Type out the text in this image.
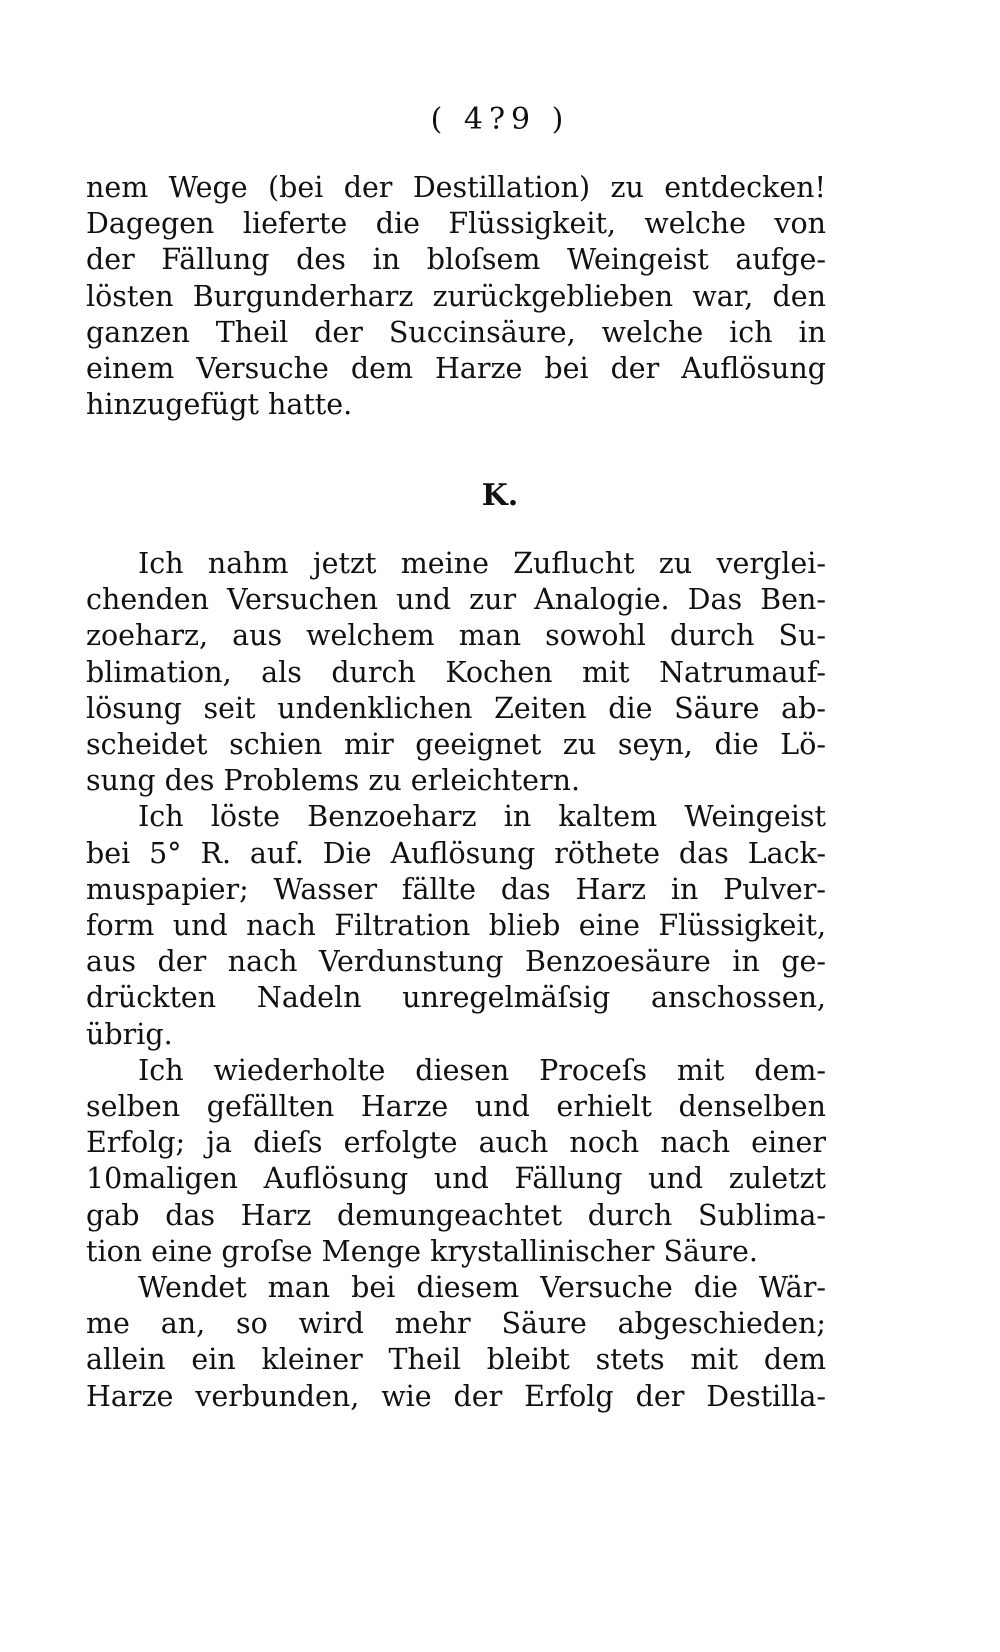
( 4?9 )
nem Wege (bei der Destillation) zu entdecken!
Dagegen lieferte die Flüssigkeit, welche von
der Fällung des in bloſsem Weingeist aufge-
lösten Burgunderharz zurückgeblieben war, den
ganzen Theil der Succinsäure, welche ich in
einem Versuche dem Harze bei der Auflösung
hinzugefügt hatte.
K.
Ich nahm jetzt meine Zuflucht zu verglei-
chenden Versuchen und zur Analogie. Das Ben-
zoeharz, aus welchem man sowohl durch Su-
blimation, als durch Kochen mit Natrumauf-
lösung seit undenklichen Zeiten die Säure ab-
scheidet schien mir geeignet zu seyn, die Lö-
sung des Problems zu erleichtern.
Ich löste Benzoeharz in kaltem Weingeist
bei 5° R. auf. Die Auflösung röthete das Lack-
muspapier; Wasser fällte das Harz in Pulver-
form und nach Filtration blieb eine Flüssigkeit,
aus der nach Verdunstung Benzoesäure in ge-
drückten Nadeln unregelmäſsig anschossen,
übrig.
Ich wiederholte diesen Proceſs mit dem-
selben gefällten Harze und erhielt denselben
Erfolg; ja dieſs erfolgte auch noch nach einer
10maligen Auflösung und Fällung und zuletzt
gab das Harz demungeachtet durch Sublima-
tion eine groſse Menge krystallinischer Säure.
Wendet man bei diesem Versuche die Wär-
me an, so wird mehr Säure abgeschieden;
allein ein kleiner Theil bleibt stets mit dem
Harze verbunden, wie der Erfolg der Destilla-
